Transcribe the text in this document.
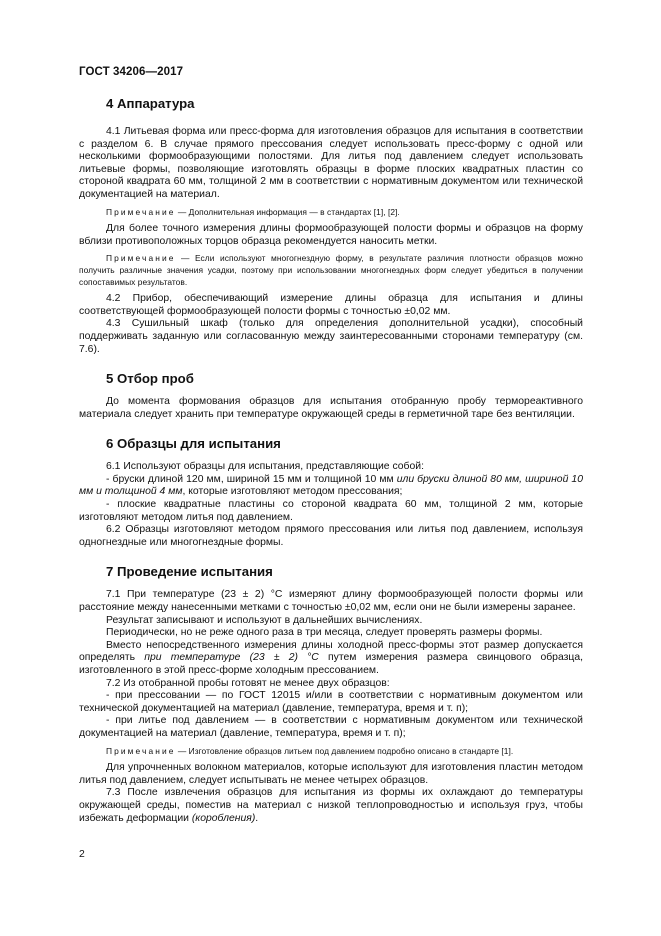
ГОСТ 34206—2017
4 Аппаратура

4.1 Литьевая форма или пресс-форма для изготовления образцов для испытания в соответствии с разделом 6. В случае прямого прессования следует использовать пресс-форму с одной или несколькими формообразующими полостями. Для литья под давлением следует использовать литьевые формы, позволяющие изготовлять образцы в форме плоских квадратных пластин со стороной квадрата 60 мм, толщиной 2 мм в соответствии с нормативным документом или технической документацией на материал.

Примечание — Дополнительная информация — в стандартах [1], [2].

Для более точного измерения длины формообразующей полости формы и образцов на форму вблизи противоположных торцов образца рекомендуется наносить метки.

Примечание — Если используют многогнездную форму, в результате различия плотности образцов можно получить различные значения усадки, поэтому при использовании многогнездных форм следует убедиться в получении сопоставимых результатов.

4.2 Прибор, обеспечивающий измерение длины образца для испытания и длины соответствующей формообразующей полости формы с точностью ±0,02 мм.

4.3 Сушильный шкаф (только для определения дополнительной усадки), способный поддерживать заданную или согласованную между заинтересованными сторонами температуру (см. 7.6).

5 Отбор проб

До момента формования образцов для испытания отобранную пробу термореактивного материала следует хранить при температуре окружающей среды в герметичной таре без вентиляции.

6 Образцы для испытания

6.1 Используют образцы для испытания, представляющие собой:

- бруски длиной 120 мм, шириной 15 мм и толщиной 10 мм или бруски длиной 80 мм, шириной 10 мм и толщиной 4 мм, которые изготовляют методом прессования;

- плоские квадратные пластины со стороной квадрата 60 мм, толщиной 2 мм, которые изготовляют методом литья под давлением.

6.2 Образцы изготовляют методом прямого прессования или литья под давлением, используя одногнездные или многогнездные формы.

7 Проведение испытания

7.1 При температуре (23 ± 2) °С измеряют длину формообразующей полости формы или расстояние между нанесенными метками с точностью ±0,02 мм, если они не были измерены заранее.

Результат записывают и используют в дальнейших вычислениях.

Периодически, но не реже одного раза в три месяца, следует проверять размеры формы.

Вместо непосредственного измерения длины холодной пресс-формы этот размер допускается определять при температуре (23 ± 2) °С путем измерения размера свинцового образца, изготовленного в этой пресс-форме холодным прессованием.

7.2 Из отобранной пробы готовят не менее двух образцов:

- при прессовании — по ГОСТ 12015 и/или в соответствии с нормативным документом или технической документацией на материал (давление, температура, время и т. п);

- при литье под давлением — в соответствии с нормативным документом или технической документацией на материал (давление, температура, время и т. п);

Примечание — Изготовление образцов литьем под давлением подробно описано в стандарте [1].

Для упрочненных волокном материалов, которые используют для изготовления пластин методом литья под давлением, следует испытывать не менее четырех образцов.

7.3 После извлечения образцов для испытания из формы их охлаждают до температуры окружающей среды, поместив на материал с низкой теплопроводностью и используя груз, чтобы избежать деформации (коробления).

2
